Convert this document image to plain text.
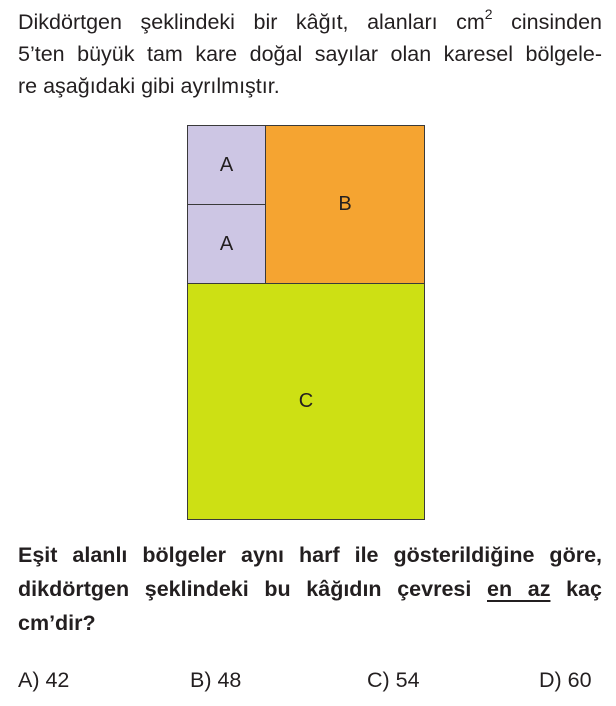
Dikdörtgen şeklindeki bir kâğıt, alanları $cm^2$ cinsinden
5’ten büyük tam kare doğal sayılar olan karesel bölgele-
re aşağıdaki gibi ayrılmıştır.
C
B
A
A
Eşit alanlı bölgeler aynı harf ile gösterildiğine göre,
dikdörtgen şeklindeki bu kâğıdın çevresi en az kaç
cm’dir?
A) 42	B) 48	C) 54	D) 60
